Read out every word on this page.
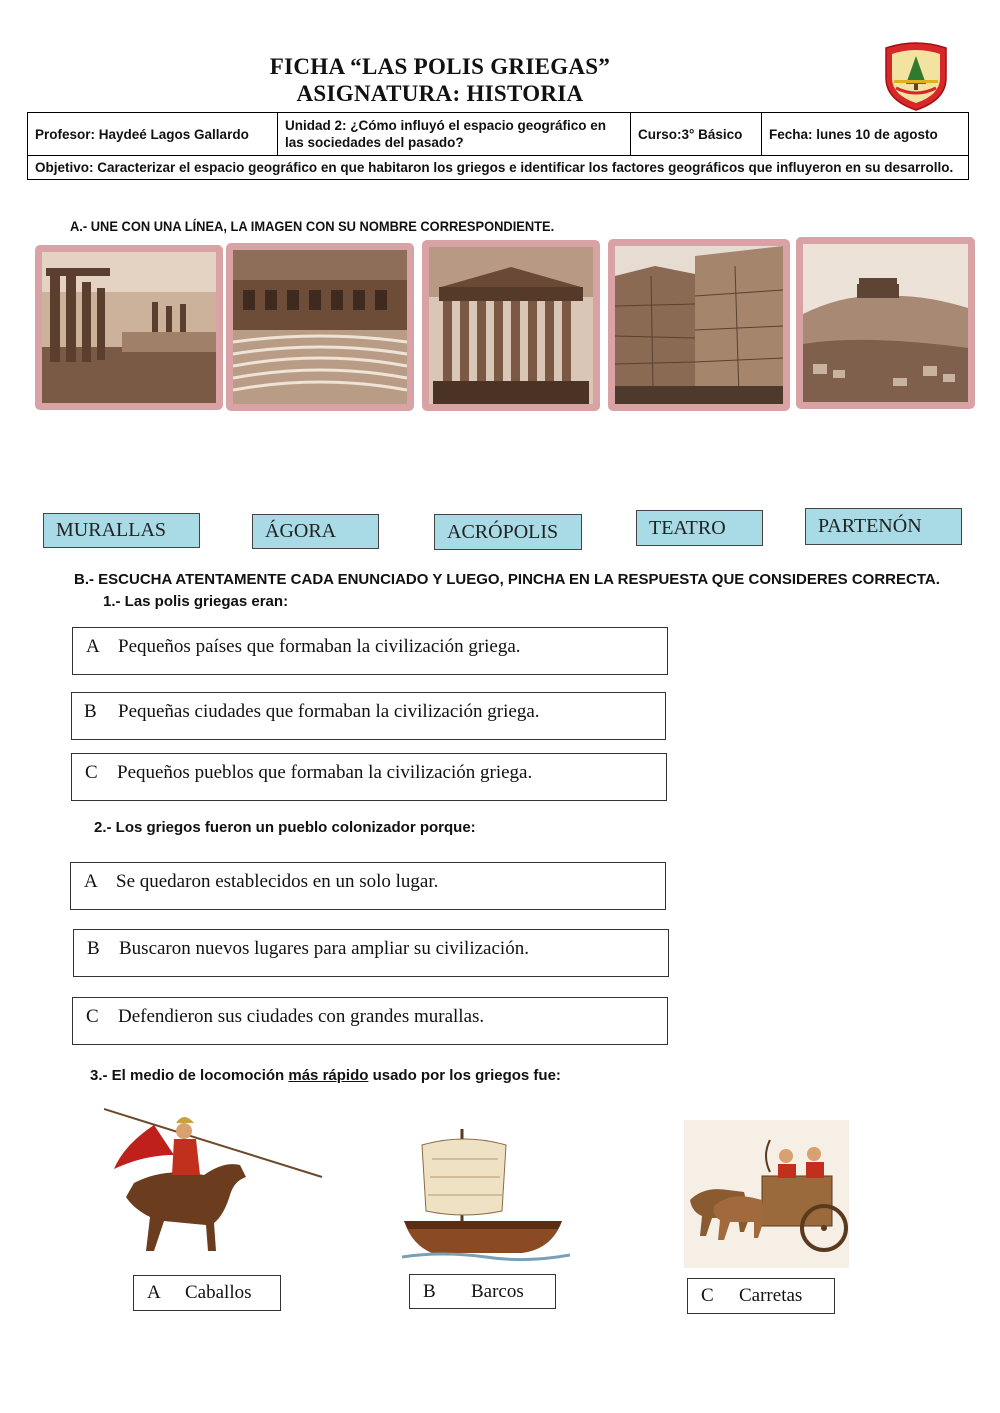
FICHA “LAS POLIS GRIEGAS”
ASIGNATURA: HISTORIA
Profesor: Haydeé Lagos Gallardo
Unidad 2: ¿Cómo influyó el espacio geográfico en las sociedades del pasado?
Curso:3° Básico	Fecha: lunes 10 de agosto
Objetivo: Caracterizar el espacio geográfico en que habitaron los griegos e identificar los factores geográficos que influyeron en su desarrollo.
A.- UNE CON UNA LÍNEA, LA IMAGEN CON SU NOMBRE CORRESPONDIENTE.
MURALLAS	ÁGORA	ACRÓPOLIS	TEATRO	PARTENÓN
B.- ESCUCHA ATENTAMENTE CADA ENUNCIADO Y LUEGO, PINCHA EN LA RESPUESTA QUE CONSIDERES CORRECTA.
1.- Las polis griegas eran:
A Pequeños países que formaban la civilización griega.
B	Pequeñas ciudades que formaban la civilización griega.
C	Pequeños pueblos que formaban la civilización griega.
2.- Los griegos fueron un pueblo colonizador porque:
A Se quedaron establecidos en un solo lugar.
B	Buscaron nuevos lugares para ampliar su civilización.
C	Defendieron sus ciudades con grandes murallas.
3.- El medio de locomoción más rápido usado por los griegos fue:
A	Caballos	B	Barcos	C	Carretas
